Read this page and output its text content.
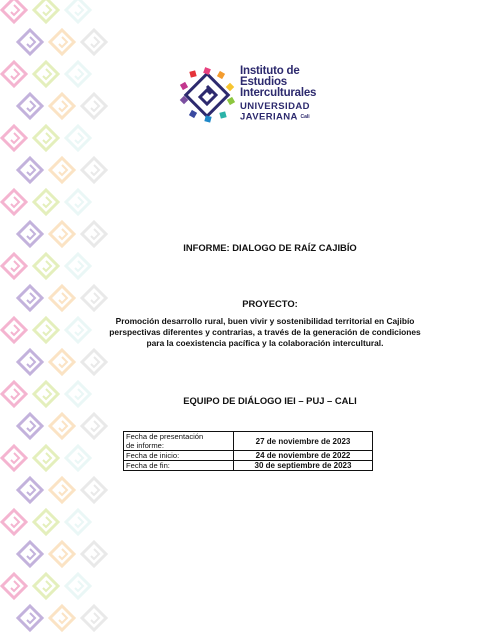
Instituto de
Estudios
Interculturales
UNIVERSIDAD
JAVERIANA Cali
INFORME: DIALOGO DE RAÍZ CAJIBÍO
PROYECTO:
Promoción desarrollo rural, buen vivir y sostenibilidad territorial en Cajibío
perspectivas diferentes y contrarias, a través de la generación de condiciones
para la coexistencia pacífica y la colaboración intercultural.
EQUIPO DE DIÁLOGO IEI – PUJ – CALI
Fecha de presentación
de informe:	27 de noviembre de 2023
Fecha de inicio:	24 de noviembre de 2022
Fecha de fin:	30 de septiembre de 2023
